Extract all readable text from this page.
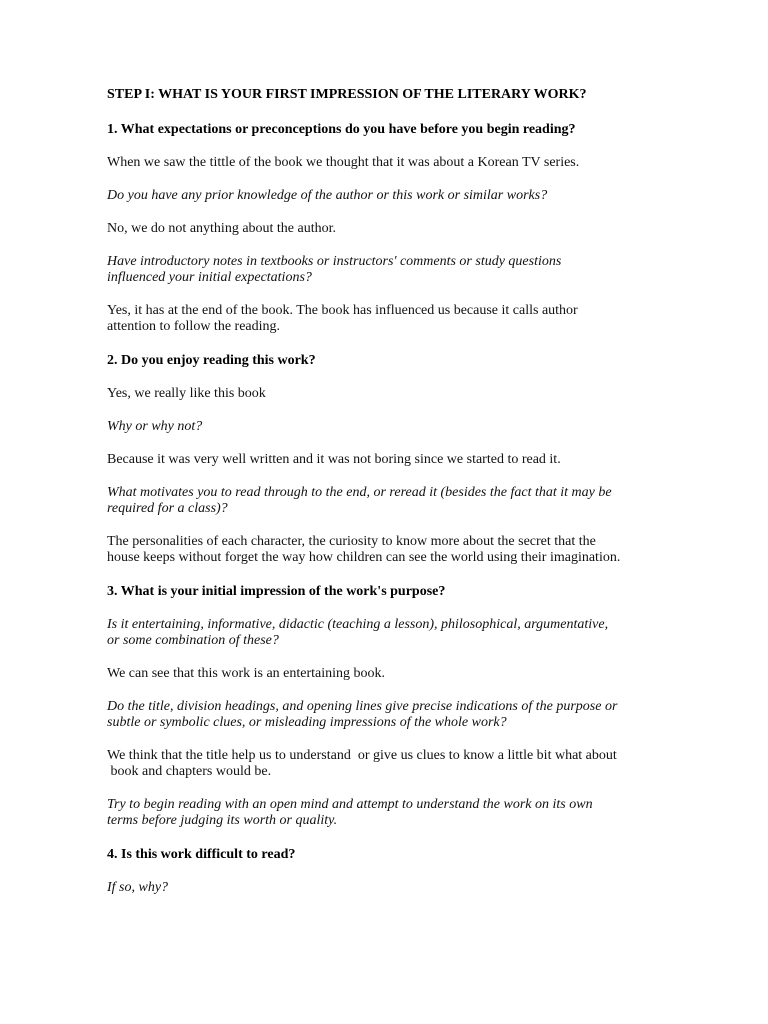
STEP I: WHAT IS YOUR FIRST IMPRESSION OF THE LITERARY WORK?

1. What expectations or preconceptions do you have before you begin reading?

When we saw the tittle of the book we thought that it was about a Korean TV series.

Do you have any prior knowledge of the author or this work or similar works?

No, we do not anything about the author.

Have introductory notes in textbooks or instructors' comments or study questions

influenced your initial expectations?

Yes, it has at the end of the book. The book has influenced us because it calls author

attention to follow the reading.

2. Do you enjoy reading this work?

Yes, we really like this book

Why or why not?

Because it was very well written and it was not boring since we started to read it.

What motivates you to read through to the end, or reread it (besides the fact that it may be

required for a class)?

The personalities of each character, the curiosity to know more about the secret that the

house keeps without forget the way how children can see the world using their imagination.

3. What is your initial impression of the work's purpose?

Is it entertaining, informative, didactic (teaching a lesson), philosophical, argumentative,

or some combination of these?

We can see that this work is an entertaining book.

Do the title, division headings, and opening lines give precise indications of the purpose or

subtle or symbolic clues, or misleading impressions of the whole work?

We think that the title help us to understand  or give us clues to know a little bit what about

book and chapters would be.

Try to begin reading with an open mind and attempt to understand the work on its own

terms before judging its worth or quality.

4. Is this work difficult to read?

If so, why?
